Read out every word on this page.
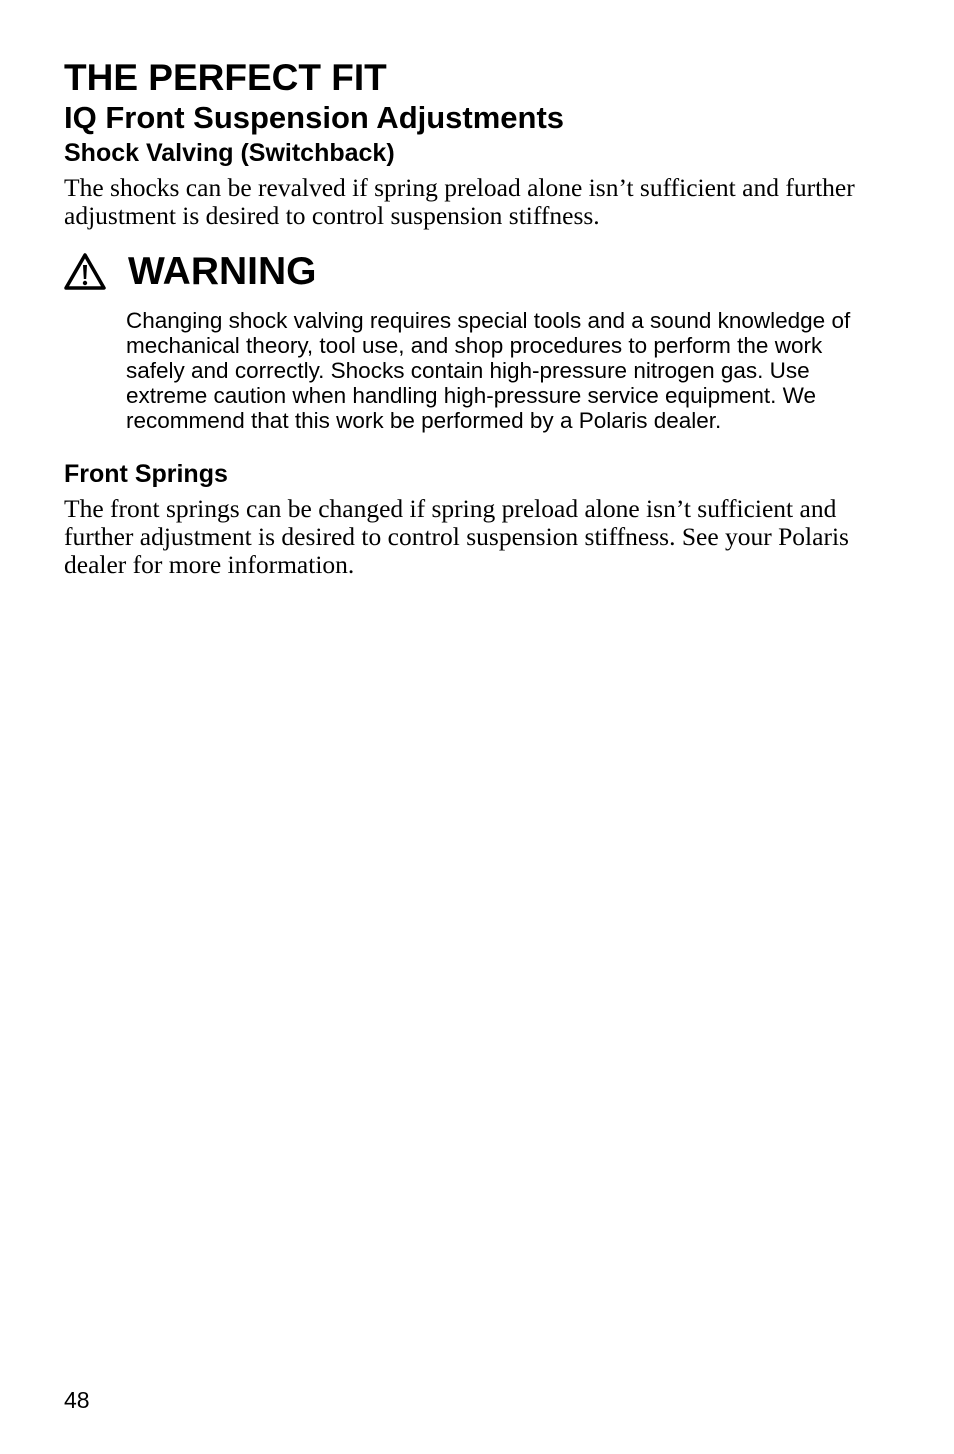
THE PERFECT FIT
IQ Front Suspension Adjustments
Shock Valving (Switchback)

The shocks can be revalved if spring preload alone isn’t sufficient and further adjustment is desired to control suspension stiffness.

WARNING

Changing shock valving requires special tools and a sound knowledge of mechanical theory, tool use, and shop procedures to perform the work safely and correctly. Shocks contain high-pressure nitrogen gas. Use extreme caution when handling high-pressure service equipment. We recommend that this work be performed by a Polaris dealer.

Front Springs

The front springs can be changed if spring preload alone isn’t sufficient and further adjustment is desired to control suspension stiffness. See your Polaris dealer for more information.

48
